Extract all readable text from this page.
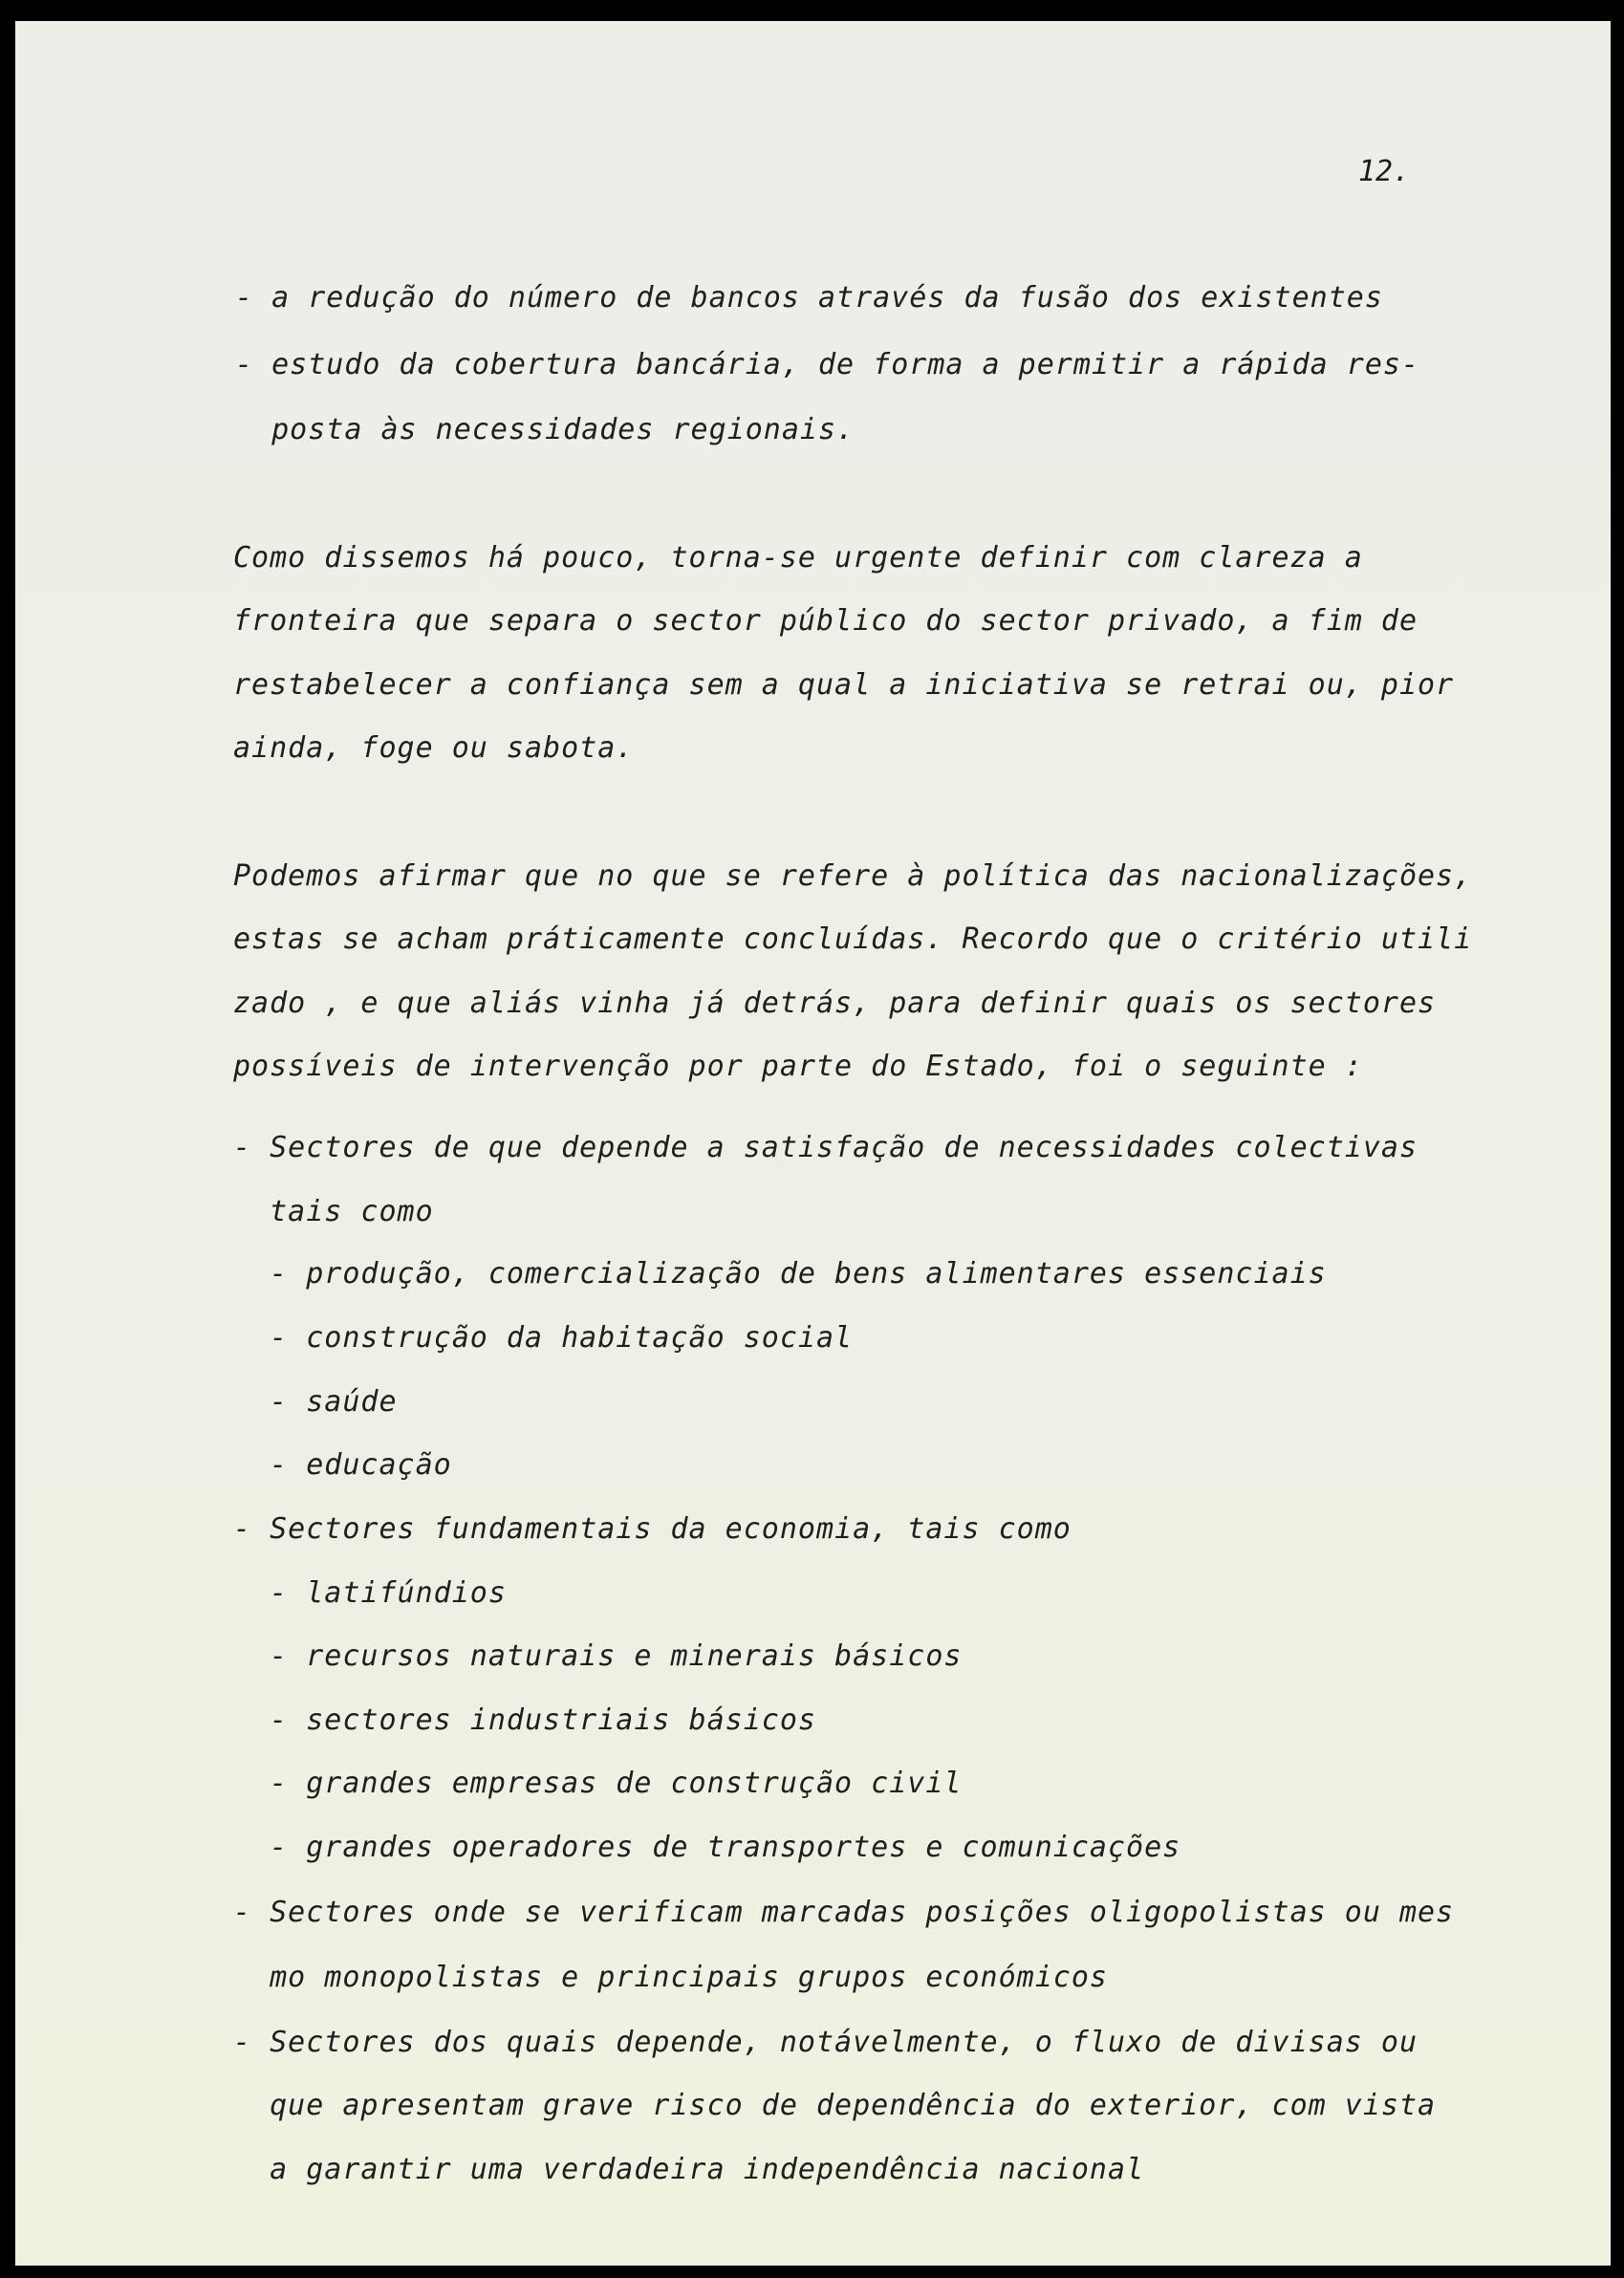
12.
- a redução do número de bancos através da fusão dos existentes
- estudo da cobertura bancária, de forma a permitir a rápida res-
posta às necessidades regionais.
Como dissemos há pouco, torna-se urgente definir com clareza a
fronteira que separa o sector público do sector privado, a fim de
restabelecer a confiança sem a qual a iniciativa se retrai ou, pior
ainda, foge ou sabota.
Podemos afirmar que no que se refere à política das nacionalizações,
estas se acham práticamente concluídas. Recordo que o critério utili
zado , e que aliás vinha já detrás, para definir quais os sectores
possíveis de intervenção por parte do Estado, foi o seguinte :
- Sectores de que depende a satisfação de necessidades colectivas
tais como
- produção, comercialização de bens alimentares essenciais
- construção da habitação social
- saúde
- educação
- Sectores fundamentais da economia, tais como
- latifúndios
- recursos naturais e minerais básicos
- sectores industriais básicos
- grandes empresas de construção civil
- grandes operadores de transportes e comunicações
- Sectores onde se verificam marcadas posições oligopolistas ou mes
mo monopolistas e principais grupos económicos
- Sectores dos quais depende, notávelmente, o fluxo de divisas ou
que apresentam grave risco de dependência do exterior, com vista
a garantir uma verdadeira independência nacional
